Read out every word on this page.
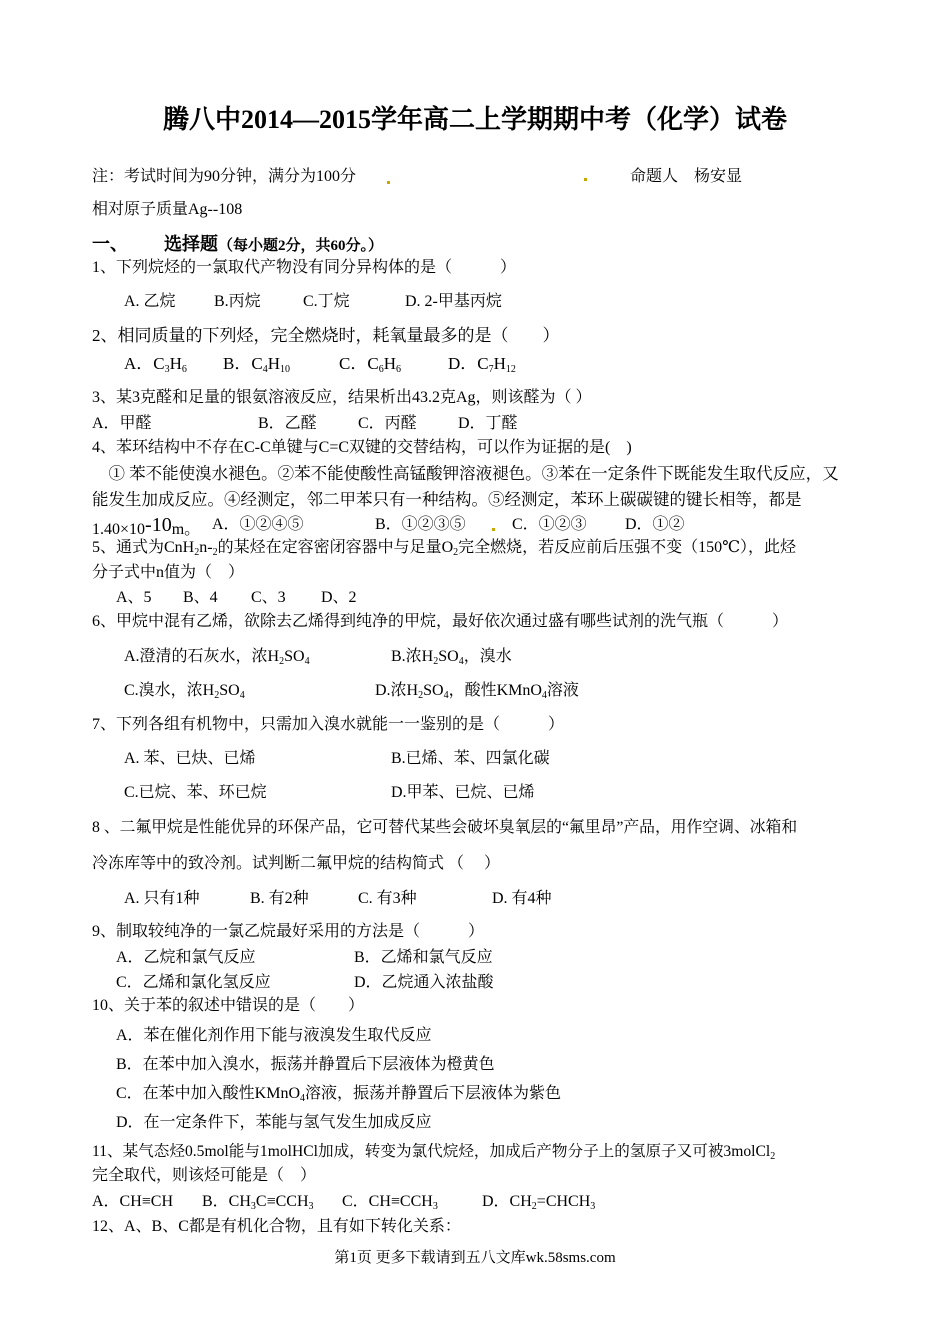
腾八中2014—2015学年高二上学期期中考（化学）试卷
注：考试时间为90分钟，满分为100分	命题人　杨安显
相对原子质量Ag--108
一、 选择题（每小题2分，共60分。）
1、下列烷烃的一氯取代产物没有同分异构体的是（　　　）
A. 乙烷 B.丙烷	C.丁烷	D. 2-甲基丙烷
2、相同质量的下列烃，完全燃烧时，耗氧量最多的是（　　）
A．$C_3H_6$ B．$C_4H_{10}$	C．$C_6H_6$	D．$C_7H_{12}$
3、某3克醛和足量的银氨溶液反应，结果析出43.2克Ag，则该醛为（ ）
A．甲醛	B．乙醛	C．丙醛	D．丁醛
4、苯环结构中不存在C-C单键与C=C双键的交替结构，可以作为证据的是(　)
　① 苯不能使溴水褪色。②苯不能使酸性高锰酸钾溶液褪色。③苯在一定条件下既能发生取代反应，又
能发生加成反应。④经测定，邻二甲苯只有一种结构。⑤经测定，苯环上碳碳键的键长相等，都是
1.40×10-10m。 A．①②④⑤	B．①②③⑤	C．①②③ D．①②
5、通式为$CnH_2n-_2$的某烃在定容密闭容器中与足量$O_2$完全燃烧，若反应前后压强不变（150℃），此烃
分子式中n值为（　）
A、5 B、4 C、3 D、2
6、甲烷中混有乙烯，欲除去乙烯得到纯净的甲烷，最好依次通过盛有哪些试剂的洗气瓶（　　　）
A.澄清的石灰水，浓$H_2SO_4$	B.浓$H_2SO_4$，溴水
C.溴水，浓$H_2SO_4$	D.浓$H_2SO_4$，酸性KMnO$_4$溶液
7、下列各组有机物中，只需加入溴水就能一一鉴别的是（　　　）
A. 苯、已炔、已烯	B.已烯、苯、四氯化碳
C.已烷、苯、环已烷	D.甲苯、已烷、已烯
8 、二氟甲烷是性能优异的环保产品，它可替代某些会破坏臭氧层的“氟里昂”产品，用作空调、冰箱和
冷冻库等中的致冷剂。试判断二氟甲烷的结构简式 （　 ）
A. 只有1种	B. 有2种	C. 有3种	D. 有4种
9、制取较纯净的一氯乙烷最好采用的方法是（　　　）
A．乙烷和氯气反应	B．乙烯和氯气反应
C．乙烯和氯化氢反应	D．乙烷通入浓盐酸
10、关于苯的叙述中错误的是（　　）
A．苯在催化剂作用下能与液溴发生取代反应
B．在苯中加入溴水，振荡并静置后下层液体为橙黄色
C．在苯中加入酸性KMnO$_4$溶液，振荡并静置后下层液体为紫色
D．在一定条件下，苯能与氢气发生加成反应
11、某气态烃0.5mol能与1molHCl加成，转变为氯代烷烃，加成后产物分子上的氢原子又可被3molCl$_2$
完全取代，则该烃可能是（　）
A．CH≡CH B．$CH_3C\equiv CCH_3$ C．$CH\equiv CCH_3$	D．$CH_2=CHCH_3$
12、A、B、C都是有机化合物，且有如下转化关系：
第1页 更多下载请到五八文库wk.58sms.com
